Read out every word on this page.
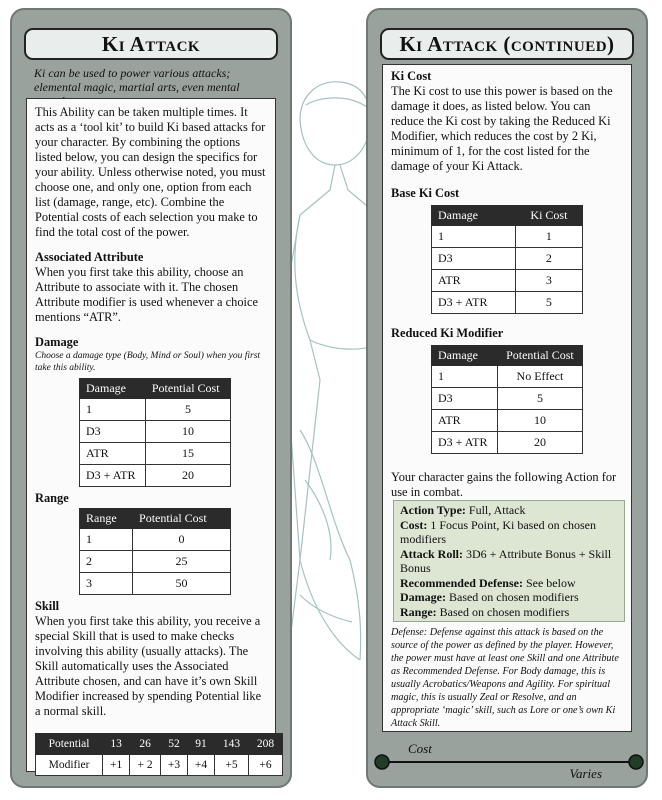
Ki Attack
Ki can be used to power various attacks; elemental magic, martial arts, even mental

This Ability can be taken multiple times. It acts as a ‘tool kit’ to build Ki based attacks for your character. By combining the options listed below, you can design the specifics for your ability. Unless otherwise noted, you must choose one, and only one, option from each list (damage, range, etc). Combine the Potential costs of each selection you make to find the total cost of the power.

Associated Attribute

When you first take this ability, choose an Attribute to associate with it. The chosen Attribute modifier is used whenever a choice mentions “ATR”.

Damage

Choose a damage type (Body, Mind or Soul) when you first take this ability.

Damage	Potential Cost
1	5
D3	10
ATR	15
D3 + ATR	20

Range

Range	Potential Cost
1	0
2	25
3	50

Skill

When you first take this ability, you receive a special Skill that is used to make checks involving this ability (usually attacks). The Skill automatically uses the Associated Attribute chosen, and can have it’s own Skill Modifier increased by spending Potential like a normal skill.

Potential	13	26	52	91	143	208
Modifier	+1	+ 2	+3	+4	+5	+6
Ki Attack (continued)

Ki Cost

The Ki cost to use this power is based on the damage it does, as listed below. You can reduce the Ki cost by taking the Reduced Ki Modifier, which reduces the cost by 2 Ki, minimum of 1, for the cost listed for the damage of your Ki Attack.

Base Ki Cost

Damage	Ki Cost
1	1
D3	2
ATR	3
D3 + ATR	5

Reduced Ki Modifier

Damage	Potential Cost
1	No Effect
D3	5
ATR	10
D3 + ATR	20

Your character gains the following Action for use in combat.

Action Type: Full, Attack
Cost: 1 Focus Point, Ki based on chosen modifiers
Attack Roll: 3D6 + Attribute Bonus + Skill Bonus
Recommended Defense: See below
Damage: Based on chosen modifiers
Range: Based on chosen modifiers

Defense: Defense against this attack is based on the source of the power as defined by the player. However, the power must have at least one Skill and one Attribute as Recommended Defense. For Body damage, this is usually Acrobatics/Weapons and Agility. For spiritual magic, this is usually Zeal or Resolve, and an appropriate ‘magic’ skill, such as Lore or one’s own Ki Attack Skill.

Cost
Varies
